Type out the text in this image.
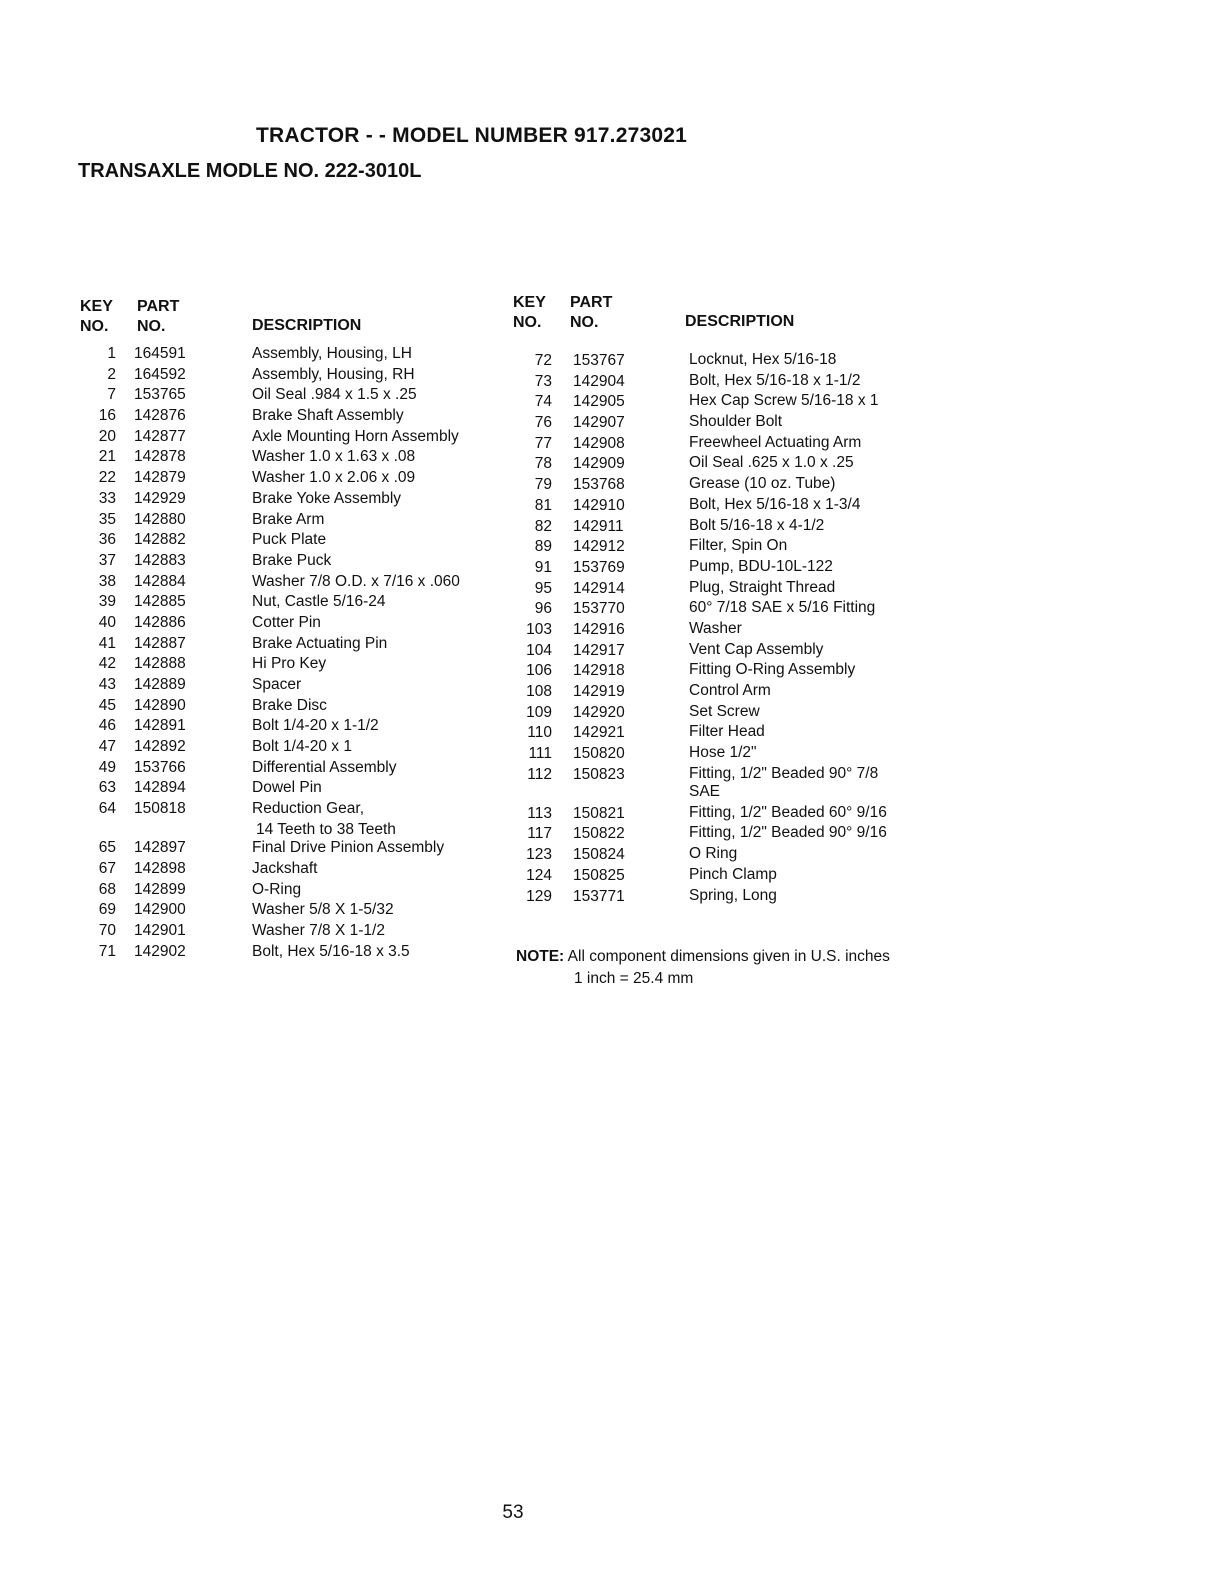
TRACTOR - - MODEL NUMBER 917.273021
TRANSAXLE MODLE NO. 222-3010L
KEY
NO.
PART
NO.	DESCRIPTION
KEY
NO.
PART
NO.	DESCRIPTION
1 164591	Assembly, Housing, LH
2 164592	Assembly, Housing, RH
7 153765	Oil Seal .984 x 1.5 x .25
16 142876	Brake Shaft Assembly
20 142877	Axle Mounting Horn Assembly
21 142878	Washer 1.0 x 1.63 x .08
22 142879	Washer 1.0 x 2.06 x .09
33 142929	Brake Yoke Assembly
35 142880	Brake Arm
36 142882	Puck Plate
37 142883	Brake Puck
38 142884	Washer 7/8 O.D. x 7/16 x .060
39 142885	Nut, Castle 5/16-24
40 142886	Cotter Pin
41 142887	Brake Actuating Pin
42 142888	Hi Pro Key
43 142889	Spacer
45 142890	Brake Disc
46 142891	Bolt 1/4-20 x 1-1/2
47 142892	Bolt 1/4-20 x 1
49 153766	Differential Assembly
63 142894	Dowel Pin
64 150818	Reduction Gear,
14 Teeth to 38 Teeth
65 142897	Final Drive Pinion Assembly
67 142898	Jackshaft
68 142899	O-Ring
69 142900	Washer 5/8 X 1-5/32
70 142901	Washer 7/8 X 1-1/2
71 142902	Bolt, Hex 5/16-18 x 3.5
72 153767	Locknut, Hex 5/16-18
73 142904	Bolt, Hex 5/16-18 x 1-1/2
74 142905	Hex Cap Screw 5/16-18 x 1
76 142907	Shoulder Bolt
77 142908	Freewheel Actuating Arm
78 142909	Oil Seal .625 x 1.0 x .25
79 153768	Grease (10 oz. Tube)
81 142910	Bolt, Hex 5/16-18 x 1-3/4
82 142911	Bolt 5/16-18 x 4-1/2
89 142912	Filter, Spin On
91 153769	Pump, BDU-10L-122
95 142914	Plug, Straight Thread
96 153770	60° 7/18 SAE x 5/16 Fitting
103 142916	Washer
104 142917	Vent Cap Assembly
106 142918	Fitting O-Ring Assembly
108 142919	Control Arm
109 142920	Set Screw
110 142921	Filter Head
111 150820	Hose 1/2"
112 150823	Fitting, 1/2" Beaded 90° 7/8
SAE
113 150821	Fitting, 1/2" Beaded 60° 9/16
117 150822	Fitting, 1/2" Beaded 90° 9/16
123 150824	O Ring
124 150825	Pinch Clamp
129 153771	Spring, Long
NOTE: All component dimensions given in U.S. inches
1 inch = 25.4 mm
53
